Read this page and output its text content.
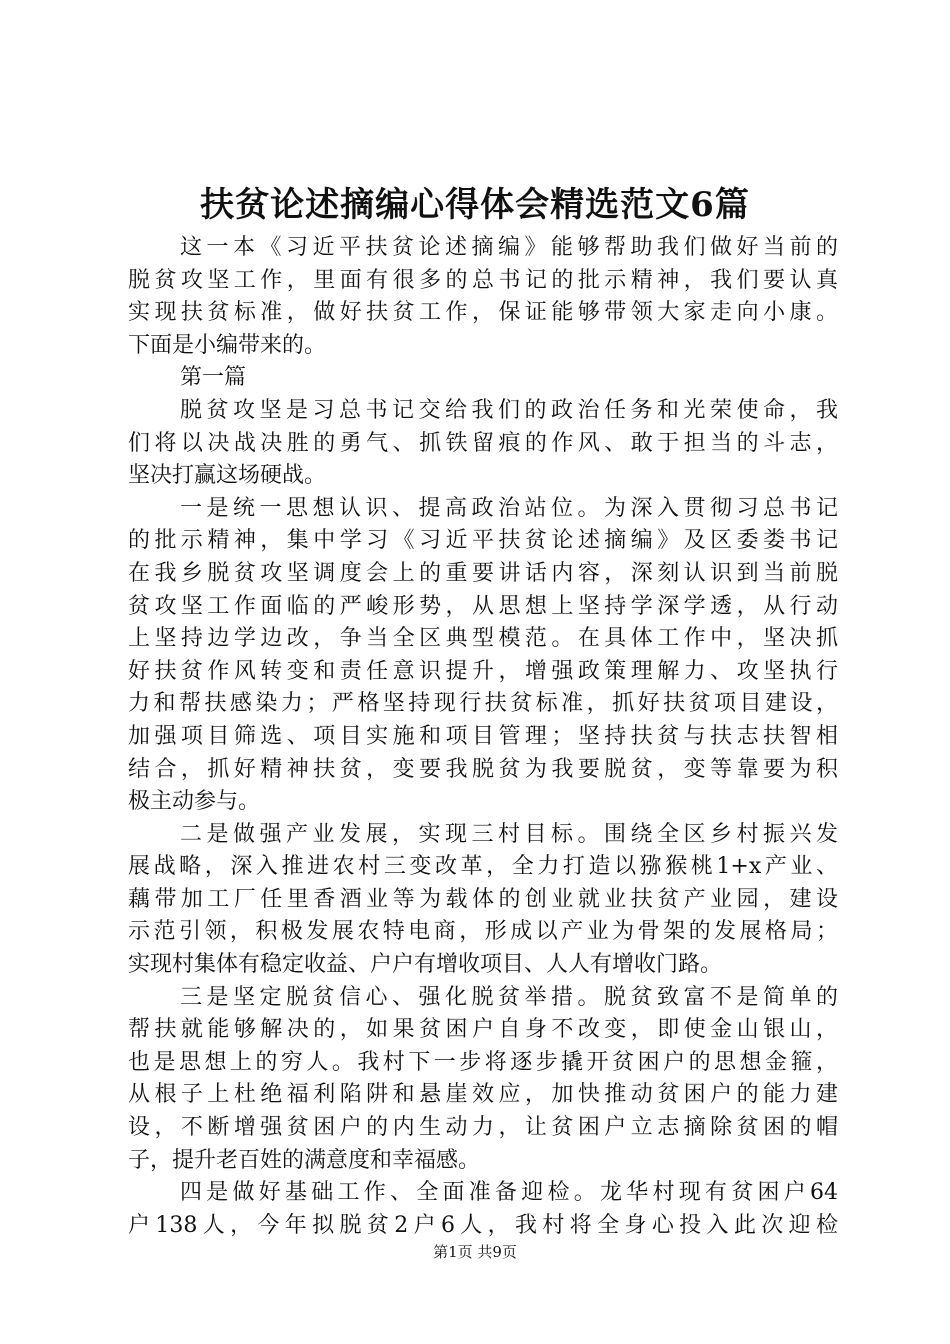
扶贫论述摘编心得体会精选范文6篇
这一本《习近平扶贫论述摘编》能够帮助我们做好当前的
脱贫攻坚工作，里面有很多的总书记的批示精神，我们要认真
实现扶贫标准，做好扶贫工作，保证能够带领大家走向小康。
下面是小编带来的。
第一篇
脱贫攻坚是习总书记交给我们的政治任务和光荣使命，我
们将以决战决胜的勇气、抓铁留痕的作风、敢于担当的斗志，
坚决打赢这场硬战。
一是统一思想认识、提高政治站位。为深入贯彻习总书记
的批示精神，集中学习《习近平扶贫论述摘编》及区委娄书记
在我乡脱贫攻坚调度会上的重要讲话内容，深刻认识到当前脱
贫攻坚工作面临的严峻形势，从思想上坚持学深学透，从行动
上坚持边学边改，争当全区典型模范。在具体工作中，坚决抓
好扶贫作风转变和责任意识提升，增强政策理解力、攻坚执行
力和帮扶感染力；严格坚持现行扶贫标准，抓好扶贫项目建设，
加强项目筛选、项目实施和项目管理；坚持扶贫与扶志扶智相
结合，抓好精神扶贫，变要我脱贫为我要脱贫，变等靠要为积
极主动参与。
二是做强产业发展，实现三村目标。围绕全区乡村振兴发
展战略，深入推进农村三变改革，全力打造以猕猴桃1+x产业、
藕带加工厂任里香酒业等为载体的创业就业扶贫产业园，建设
示范引领，积极发展农特电商，形成以产业为骨架的发展格局；
实现村集体有稳定收益、户户有增收项目、人人有增收门路。
三是坚定脱贫信心、强化脱贫举措。脱贫致富不是简单的
帮扶就能够解决的，如果贫困户自身不改变，即使金山银山，
也是思想上的穷人。我村下一步将逐步撬开贫困户的思想金箍，
从根子上杜绝福利陷阱和悬崖效应，加快推动贫困户的能力建
设，不断增强贫困户的内生动力，让贫困户立志摘除贫困的帽
子，提升老百姓的满意度和幸福感。
四是做好基础工作、全面准备迎检。龙华村现有贫困户64
户138人，今年拟脱贫2户6人，我村将全身心投入此次迎检
第1页 共9页
